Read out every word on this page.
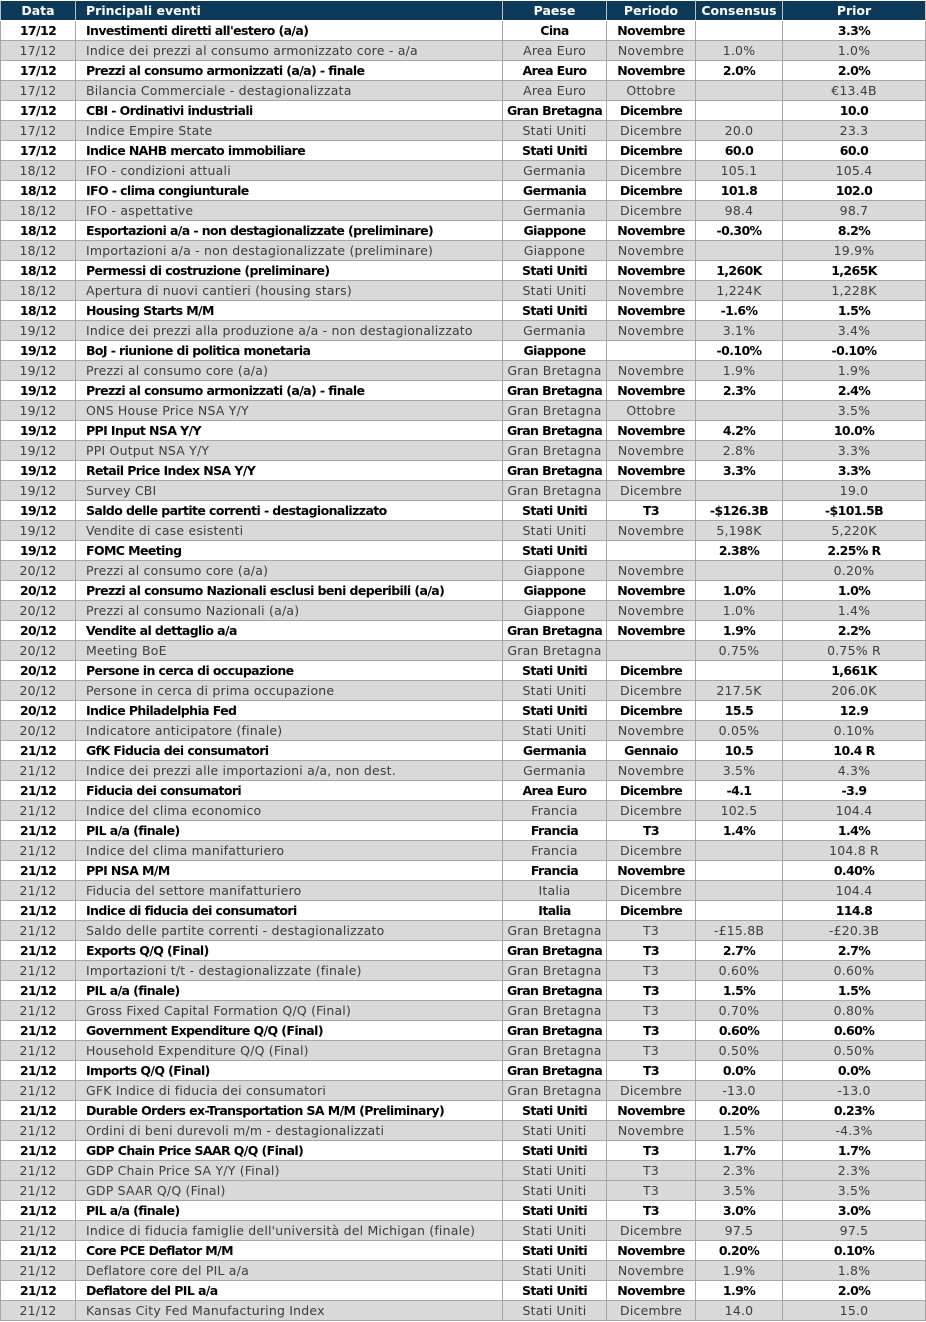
Data	Principali eventi	Paese	Periodo	Consensus	Prior
17/12	Investimenti diretti all'estero (a/a)	Cina	Novembre		3.3%
17/12	Indice dei prezzi al consumo armonizzato core - a/a	Area Euro	Novembre	1.0%	1.0%
17/12	Prezzi al consumo armonizzati (a/a) - finale	Area Euro	Novembre	2.0%	2.0%
17/12	Bilancia Commerciale - destagionalizzata	Area Euro	Ottobre		€13.4B
17/12	CBI - Ordinativi industriali	Gran Bretagna	Dicembre		10.0
17/12	Indice Empire State	Stati Uniti	Dicembre	20.0	23.3
17/12	Indice NAHB mercato immobiliare	Stati Uniti	Dicembre	60.0	60.0
18/12	IFO - condizioni attuali	Germania	Dicembre	105.1	105.4
18/12	IFO - clima congiunturale	Germania	Dicembre	101.8	102.0
18/12	IFO - aspettative	Germania	Dicembre	98.4	98.7
18/12	Esportazioni a/a - non destagionalizzate (preliminare)	Giappone	Novembre	-0.30%	8.2%
18/12	Importazioni a/a - non destagionalizzate (preliminare)	Giappone	Novembre		19.9%
18/12	Permessi di costruzione (preliminare)	Stati Uniti	Novembre	1,260K	1,265K
18/12	Apertura di nuovi cantieri (housing stars)	Stati Uniti	Novembre	1,224K	1,228K
18/12	Housing Starts M/M	Stati Uniti	Novembre	-1.6%	1.5%
19/12	Indice dei prezzi alla produzione a/a - non destagionalizzato	Germania	Novembre	3.1%	3.4%
19/12	BoJ - riunione di politica monetaria	Giappone		-0.10%	-0.10%
19/12	Prezzi al consumo core (a/a)	Gran Bretagna	Novembre	1.9%	1.9%
19/12	Prezzi al consumo armonizzati (a/a) - finale	Gran Bretagna	Novembre	2.3%	2.4%
19/12	ONS House Price NSA Y/Y	Gran Bretagna	Ottobre		3.5%
19/12	PPI Input NSA Y/Y	Gran Bretagna	Novembre	4.2%	10.0%
19/12	PPI Output NSA Y/Y	Gran Bretagna	Novembre	2.8%	3.3%
19/12	Retail Price Index NSA Y/Y	Gran Bretagna	Novembre	3.3%	3.3%
19/12	Survey CBI	Gran Bretagna	Dicembre		19.0
19/12	Saldo delle partite correnti - destagionalizzato	Stati Uniti	T3	-$126.3B	-$101.5B
19/12	Vendite di case esistenti	Stati Uniti	Novembre	5,198K	5,220K
19/12	FOMC Meeting	Stati Uniti		2.38%	2.25% R
20/12	Prezzi al consumo core (a/a)	Giappone	Novembre		0.20%
20/12	Prezzi al consumo Nazionali esclusi beni deperibili (a/a)	Giappone	Novembre	1.0%	1.0%
20/12	Prezzi al consumo Nazionali (a/a)	Giappone	Novembre	1.0%	1.4%
20/12	Vendite al dettaglio a/a	Gran Bretagna	Novembre	1.9%	2.2%
20/12	Meeting BoE	Gran Bretagna		0.75%	0.75% R
20/12	Persone in cerca di occupazione	Stati Uniti	Dicembre		1,661K
20/12	Persone in cerca di prima occupazione	Stati Uniti	Dicembre	217.5K	206.0K
20/12	Indice Philadelphia Fed	Stati Uniti	Dicembre	15.5	12.9
20/12	Indicatore anticipatore (finale)	Stati Uniti	Novembre	0.05%	0.10%
21/12	GfK Fiducia dei consumatori	Germania	Gennaio	10.5	10.4 R
21/12	Indice dei prezzi alle importazioni a/a, non dest.	Germania	Novembre	3.5%	4.3%
21/12	Fiducia dei consumatori	Area Euro	Dicembre	-4.1	-3.9
21/12	Indice del clima economico	Francia	Dicembre	102.5	104.4
21/12	PIL a/a (finale)	Francia	T3	1.4%	1.4%
21/12	Indice del clima manifatturiero	Francia	Dicembre		104.8 R
21/12	PPI NSA M/M	Francia	Novembre		0.40%
21/12	Fiducia del settore manifatturiero	Italia	Dicembre		104.4
21/12	Indice di fiducia dei consumatori	Italia	Dicembre		114.8
21/12	Saldo delle partite correnti - destagionalizzato	Gran Bretagna	T3	-£15.8B	-£20.3B
21/12	Exports Q/Q (Final)	Gran Bretagna	T3	2.7%	2.7%
21/12	Importazioni t/t - destagionalizzate (finale)	Gran Bretagna	T3	0.60%	0.60%
21/12	PIL a/a (finale)	Gran Bretagna	T3	1.5%	1.5%
21/12	Gross Fixed Capital Formation Q/Q (Final)	Gran Bretagna	T3	0.70%	0.80%
21/12	Government Expenditure Q/Q (Final)	Gran Bretagna	T3	0.60%	0.60%
21/12	Household Expenditure Q/Q (Final)	Gran Bretagna	T3	0.50%	0.50%
21/12	Imports Q/Q (Final)	Gran Bretagna	T3	0.0%	0.0%
21/12	GFK Indice di fiducia dei consumatori	Gran Bretagna	Dicembre	-13.0	-13.0
21/12	Durable Orders ex-Transportation SA M/M (Preliminary)	Stati Uniti	Novembre	0.20%	0.23%
21/12	Ordini di beni durevoli m/m - destagionalizzati	Stati Uniti	Novembre	1.5%	-4.3%
21/12	GDP Chain Price SAAR Q/Q (Final)	Stati Uniti	T3	1.7%	1.7%
21/12	GDP Chain Price SA Y/Y (Final)	Stati Uniti	T3	2.3%	2.3%
21/12	GDP SAAR Q/Q (Final)	Stati Uniti	T3	3.5%	3.5%
21/12	PIL a/a (finale)	Stati Uniti	T3	3.0%	3.0%
21/12	Indice di fiducia famiglie dell'università del Michigan (finale)	Stati Uniti	Dicembre	97.5	97.5
21/12	Core PCE Deflator M/M	Stati Uniti	Novembre	0.20%	0.10%
21/12	Deflatore core del PIL a/a	Stati Uniti	Novembre	1.9%	1.8%
21/12	Deflatore del PIL a/a	Stati Uniti	Novembre	1.9%	2.0%
21/12	Kansas City Fed Manufacturing Index	Stati Uniti	Dicembre	14.0	15.0
